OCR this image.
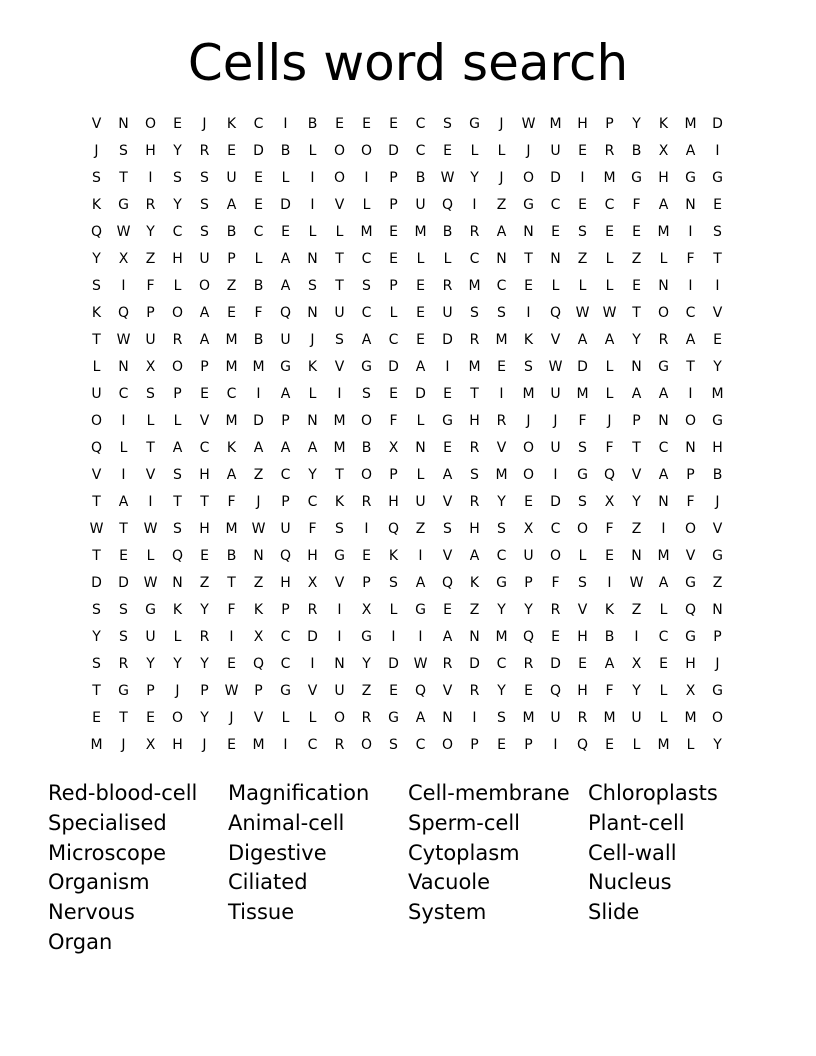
Cells word search
V	N	O	E	J	K	C	I	B	E	E	E	C	S	G	J	W	M	H	P	Y	K	M	D
J	S	H	Y	R	E	D	B	L	O	O	D	C	E	L	L	J	U	E	R	B	X	A	I
S	T	I	S	S	U	E	L	I	O	I	P	B	W	Y	J	O	D	I	M	G	H	G	G
K	G	R	Y	S	A	E	D	I	V	L	P	U	Q	I	Z	G	C	E	C	F	A	N	E
Q	W	Y	C	S	B	C	E	L	L	M	E	M	B	R	A	N	E	S	E	E	M	I	S
Y	X	Z	H	U	P	L	A	N	T	C	E	L	L	C	N	T	N	Z	L	Z	L	F	T
S	I	F	L	O	Z	B	A	S	T	S	P	E	R	M	C	E	L	L	L	E	N	I	I
K	Q	P	O	A	E	F	Q	N	U	C	L	E	U	S	S	I	Q	W W	T	O	C	V
T	W	U	R	A	M	B	U	J	S	A	C	E	D	R	M	K	V	A	A	Y	R	A	E
L	N	X	O	P	M	M	G	K	V	G	D	A	I	M	E	S	W	D	L	N	G	T	Y
U	C	S	P	E	C	I	A	L	I	S	E	D	E	T	I	M	U	M	L	A	A	I	M
O	I	L	L	V	M	D	P	N	M	O	F	L	G	H	R	J	J	F	J	P	N	O	G
Q	L	T	A	C	K	A	A	A	M	B	X	N	E	R	V	O	U	S	F	T	C	N	H
V	I	V	S	H	A	Z	C	Y	T	O	P	L	A	S	M	O	I	G	Q	V	A	P	B
T	A	I	T	T	F	J	P	C	K	R	H	U	V	R	Y	E	D	S	X	Y	N	F	J
W	T	W	S	H	M	W	U	F	S	I	Q	Z	S	H	S	X	C	O	F	Z	I	O	V
T	E	L	Q	E	B	N	Q	H	G	E	K	I	V	A	C	U	O	L	E	N	M	V	G
D	D	W	N	Z	T	Z	H	X	V	P	S	A	Q	K	G	P	F	S	I	W	A	G	Z
S	S	G	K	Y	F	K	P	R	I	X	L	G	E	Z	Y	Y	R	V	K	Z	L	Q	N
Y	S	U	L	R	I	X	C	D	I	G	I	I	A	N	M	Q	E	H	B	I	C	G	P
S	R	Y	Y	Y	E	Q	C	I	N	Y	D	W	R	D	C	R	D	E	A	X	E	H	J
T	G	P	J	P	W	P	G	V	U	Z	E	Q	V	R	Y	E	Q	H	F	Y	L	X	G
E	T	E	O	Y	J	V	L	L	O	R	G	A	N	I	S	M	U	R	M	U	L	M	O
M	J	X	H	J	E	M	I	C	R	O	S	C	O	P	E	P	I	Q	E	L	M	L	Y
Red-blood-cell	Magnification	Cell-membrane Chloroplasts
Specialised	Animal-cell	Sperm-cell	Plant-cell
Microscope	Digestive	Cytoplasm	Cell-wall
Organism	Ciliated	Vacuole	Nucleus
Nervous	Tissue	System	Slide
Organ
